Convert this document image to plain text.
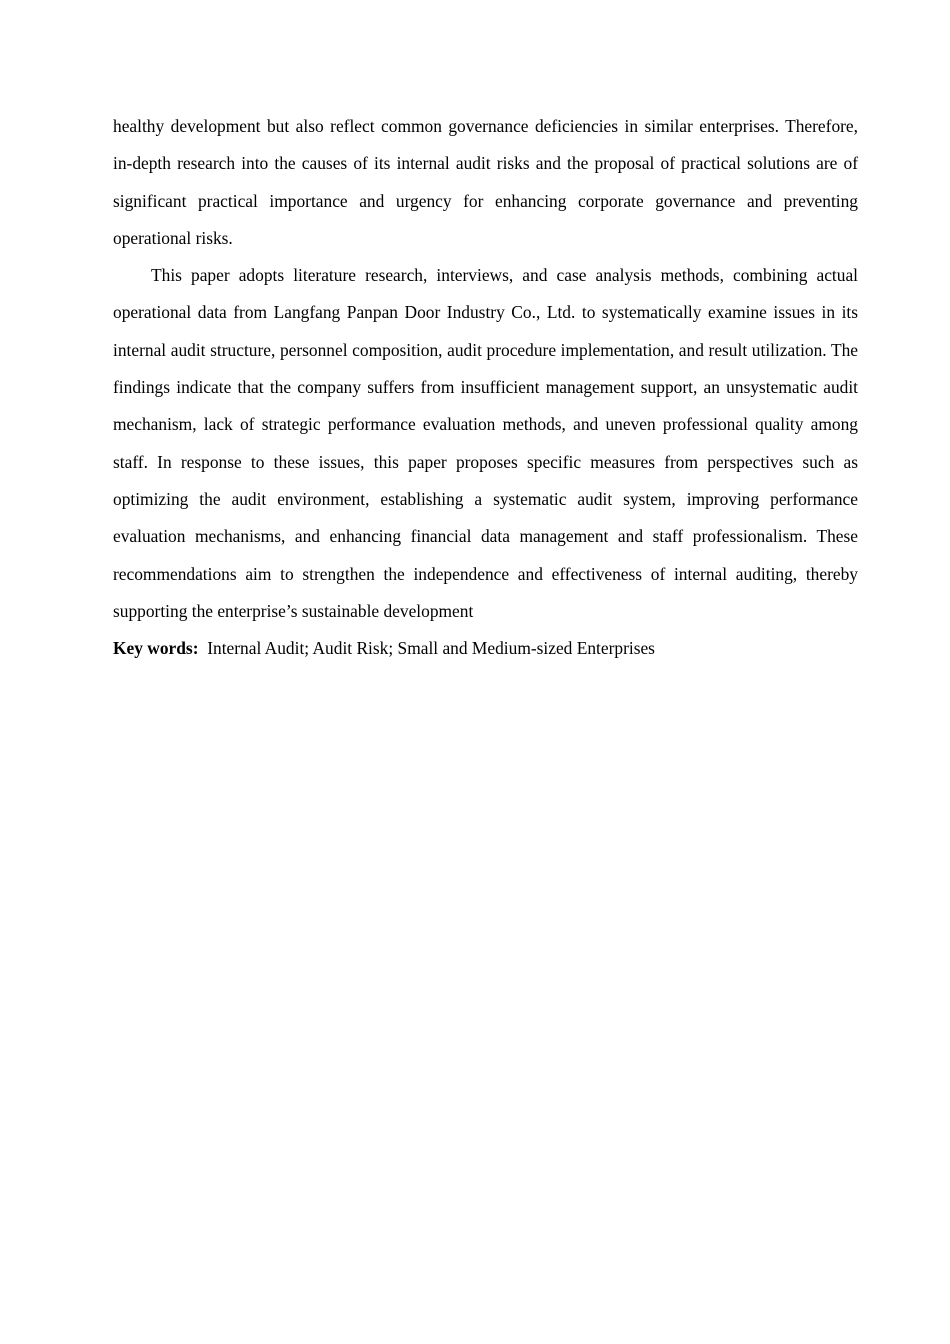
healthy development but also reflect common governance deficiencies in similar enterprises. Therefore, in-depth research into the causes of its internal audit risks and the proposal of practical solutions are of significant practical importance and urgency for enhancing corporate governance and preventing operational risks.

This paper adopts literature research, interviews, and case analysis methods, combining actual operational data from Langfang Panpan Door Industry Co., Ltd. to systematically examine issues in its internal audit structure, personnel composition, audit procedure implementation, and result utilization. The findings indicate that the company suffers from insufficient management support, an unsystematic audit mechanism, lack of strategic performance evaluation methods, and uneven professional quality among staff. In response to these issues, this paper proposes specific measures from perspectives such as optimizing the audit environment, establishing a systematic audit system, improving performance evaluation mechanisms, and enhancing financial data management and staff professionalism. These recommendations aim to strengthen the independence and effectiveness of internal auditing, thereby supporting the enterprise’s sustainable development

Key words: Internal Audit; Audit Risk; Small and Medium-sized Enterprises
